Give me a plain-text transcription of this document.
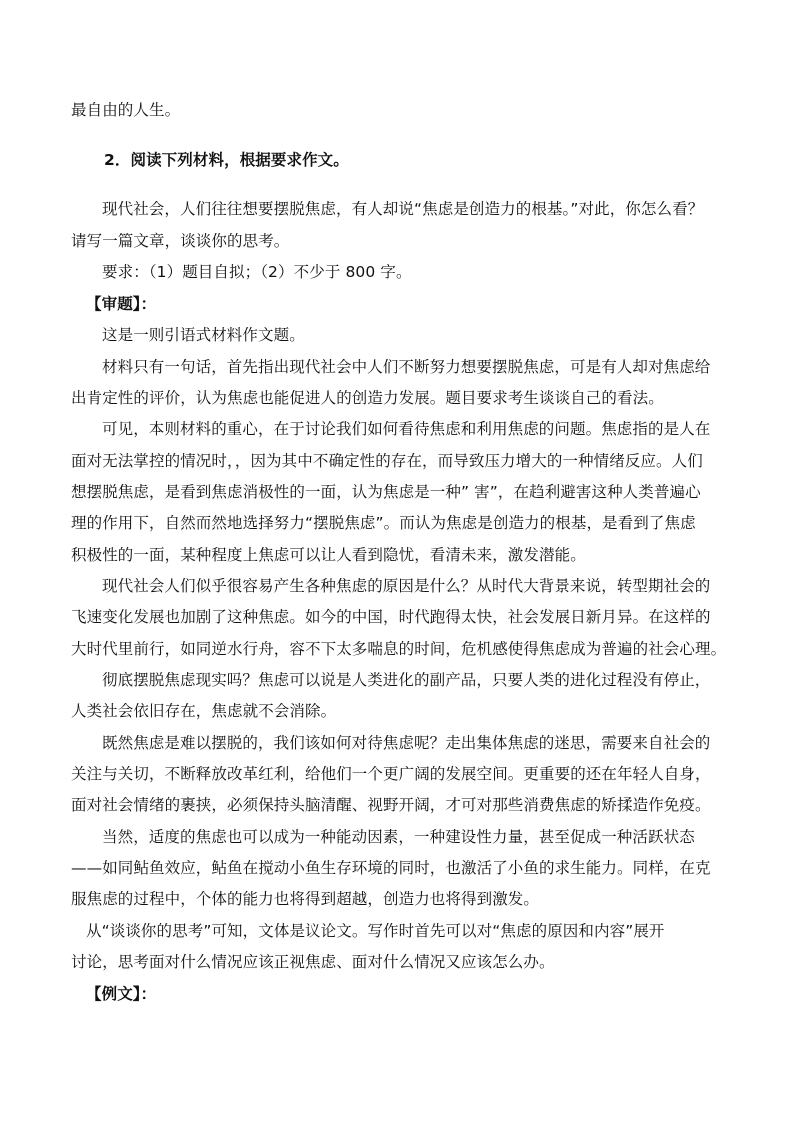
最自由的人生。
2．阅读下列材料，根据要求作文。
现代社会，人们往往想要摆脱焦虑，有人却说“焦虑是创造力的根基。”对此，你怎么看？
请写一篇文章，谈谈你的思考。
要求：（1）题目自拟；（2）不少于 800 字。
【审题】：
这是一则引语式材料作文题。
材料只有一句话，首先指出现代社会中人们不断努力想要摆脱焦虑，可是有人却对焦虑给
出肯定性的评价，认为焦虑也能促进人的创造力发展。题目要求考生谈谈自己的看法。
可见，本则材料的重心，在于讨论我们如何看待焦虑和利用焦虑的问题。焦虑指的是人在
面对无法掌控的情况时，，因为其中不确定性的存在，而导致压力增大的一种情绪反应。人们
想摆脱焦虑，是看到焦虑消极性的一面，认为焦虑是一种” 害”，在趋利避害这种人类普遍心
理的作用下，自然而然地选择努力“摆脱焦虑”。而认为焦虑是创造力的根基，是看到了焦虑
积极性的一面，某种程度上焦虑可以让人看到隐忧，看清未来，激发潜能。
现代社会人们似乎很容易产生各种焦虑的原因是什么？从时代大背景来说，转型期社会的
飞速变化发展也加剧了这种焦虑。如今的中国，时代跑得太快，社会发展日新月异。在这样的
大时代里前行，如同逆水行舟，容不下太多喘息的时间，危机感使得焦虑成为普遍的社会心理。
彻底摆脱焦虑现实吗？焦虑可以说是人类进化的副产品，只要人类的进化过程没有停止，
人类社会依旧存在，焦虑就不会消除。
既然焦虑是难以摆脱的，我们该如何对待焦虑呢？走出集体焦虑的迷思，需要来自社会的
关注与关切，不断释放改革红利，给他们一个更广阔的发展空间。更重要的还在年轻人自身，
面对社会情绪的裹挟，必须保持头脑清醒、视野开阔，才可对那些消费焦虑的矫揉造作免疫。
当然，适度的焦虑也可以成为一种能动因素，一种建设性力量，甚至促成一种活跃状态
——如同鲇鱼效应，鲇鱼在搅动小鱼生存环境的同时，也激活了小鱼的求生能力。同样，在克
服焦虑的过程中，个体的能力也将得到超越，创造力也将得到激发。
从“谈谈你的思考”可知，文体是议论文。写作时首先可以对“焦虑的原因和内容”展开
讨论，思考面对什么情况应该正视焦虑、面对什么情况又应该怎么办。
【例文】：
